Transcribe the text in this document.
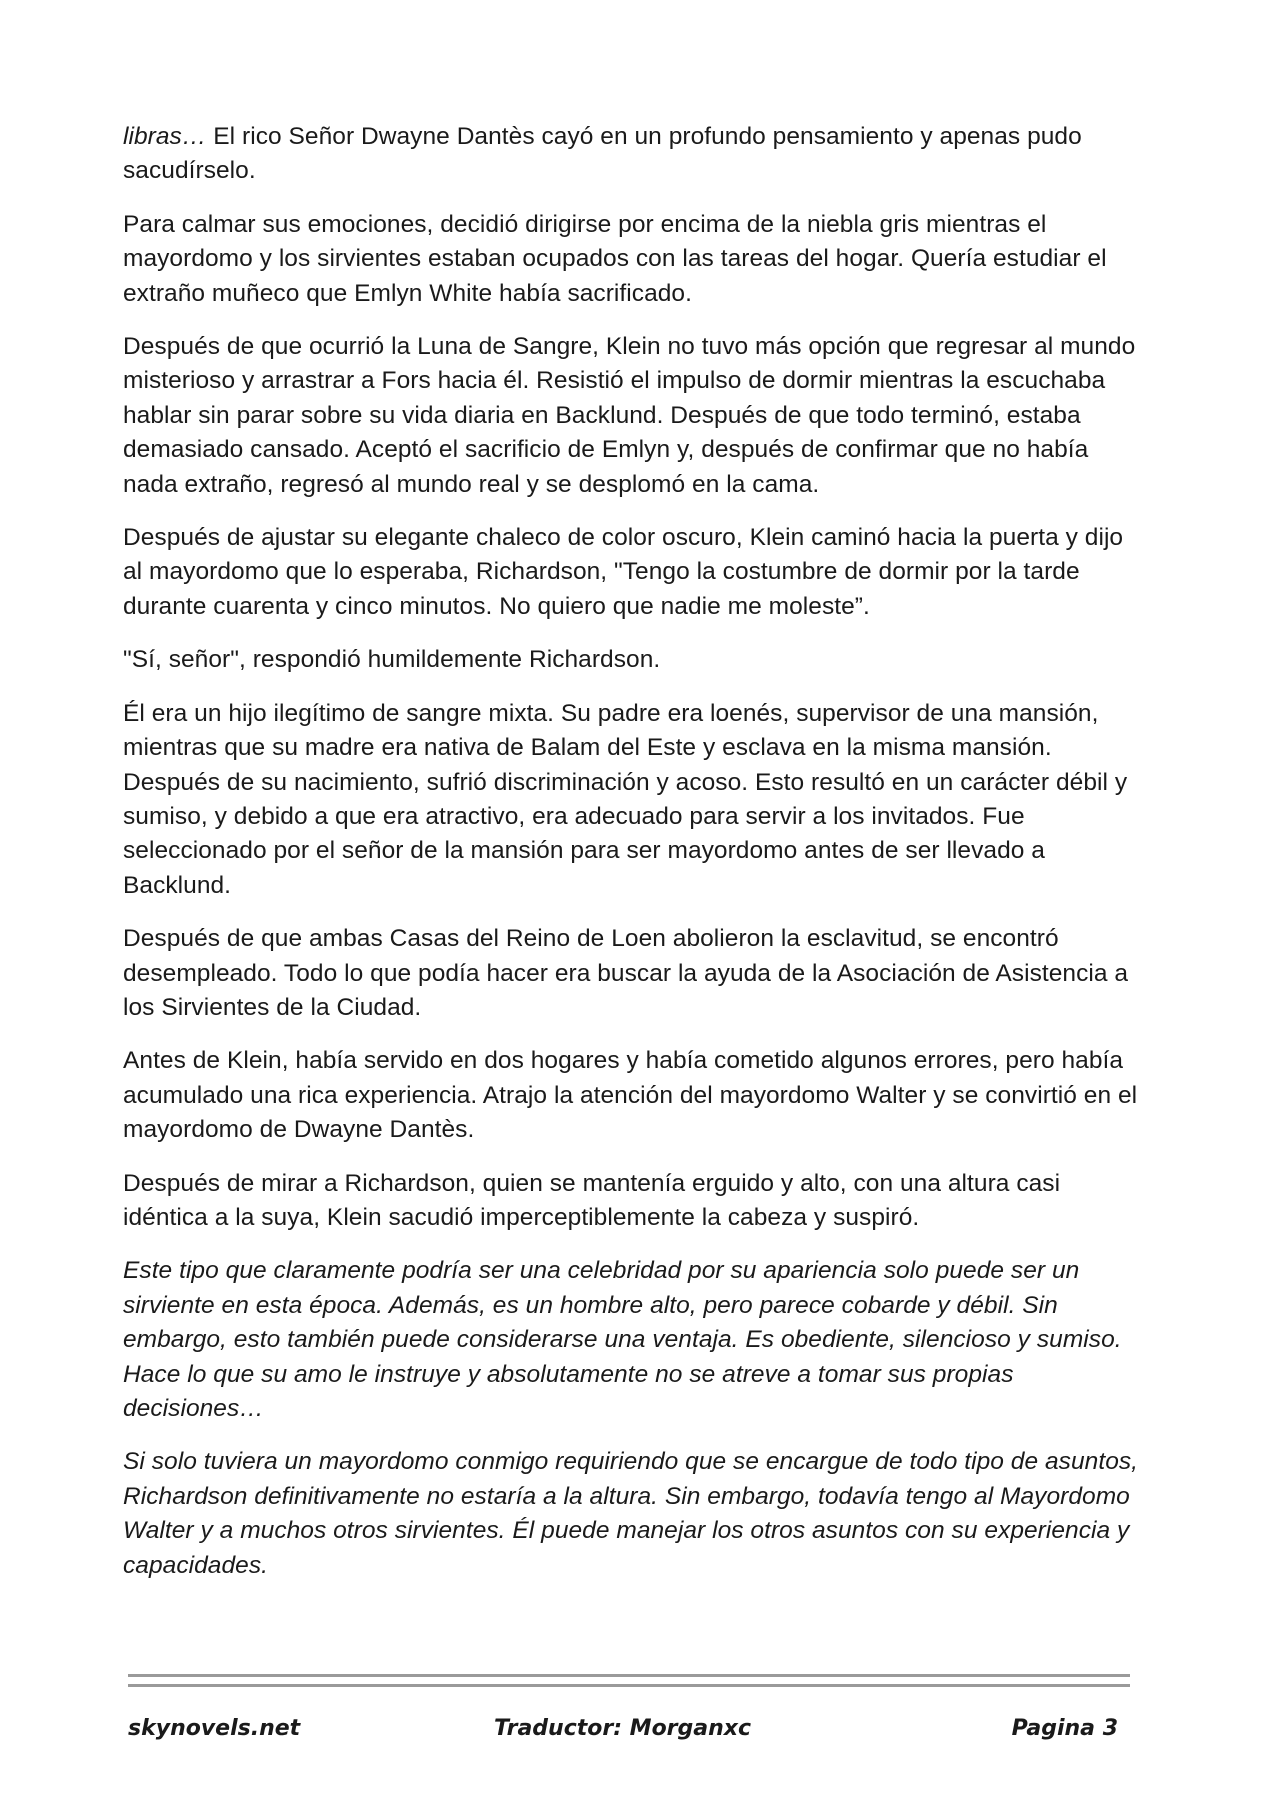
libras… El rico Señor Dwayne Dantès cayó en un profundo pensamiento y apenas pudo sacudírselo.

Para calmar sus emociones, decidió dirigirse por encima de la niebla gris mientras el mayordomo y los sirvientes estaban ocupados con las tareas del hogar. Quería estudiar el extraño muñeco que Emlyn White había sacrificado.

Después de que ocurrió la Luna de Sangre, Klein no tuvo más opción que regresar al mundo misterioso y arrastrar a Fors hacia él. Resistió el impulso de dormir mientras la escuchaba hablar sin parar sobre su vida diaria en Backlund. Después de que todo terminó, estaba demasiado cansado. Aceptó el sacrificio de Emlyn y, después de confirmar que no había nada extraño, regresó al mundo real y se desplomó en la cama.

Después de ajustar su elegante chaleco de color oscuro, Klein caminó hacia la puerta y dijo al mayordomo que lo esperaba, Richardson, "Tengo la costumbre de dormir por la tarde durante cuarenta y cinco minutos. No quiero que nadie me moleste”.

"Sí, señor", respondió humildemente Richardson.

Él era un hijo ilegítimo de sangre mixta. Su padre era loenés, supervisor de una mansión, mientras que su madre era nativa de Balam del Este y esclava en la misma mansión. Después de su nacimiento, sufrió discriminación y acoso. Esto resultó en un carácter débil y sumiso, y debido a que era atractivo, era adecuado para servir a los invitados. Fue seleccionado por el señor de la mansión para ser mayordomo antes de ser llevado a Backlund.

Después de que ambas Casas del Reino de Loen abolieron la esclavitud, se encontró desempleado. Todo lo que podía hacer era buscar la ayuda de la Asociación de Asistencia a los Sirvientes de la Ciudad.

Antes de Klein, había servido en dos hogares y había cometido algunos errores, pero había acumulado una rica experiencia. Atrajo la atención del mayordomo Walter y se convirtió en el mayordomo de Dwayne Dantès.

Después de mirar a Richardson, quien se mantenía erguido y alto, con una altura casi idéntica a la suya, Klein sacudió imperceptiblemente la cabeza y suspiró.

Este tipo que claramente podría ser una celebridad por su apariencia solo puede ser un sirviente en esta época. Además, es un hombre alto, pero parece cobarde y débil. Sin embargo, esto también puede considerarse una ventaja. Es obediente, silencioso y sumiso. Hace lo que su amo le instruye y absolutamente no se atreve a tomar sus propias decisiones…

Si solo tuviera un mayordomo conmigo requiriendo que se encargue de todo tipo de asuntos, Richardson definitivamente no estaría a la altura. Sin embargo, todavía tengo al Mayordomo Walter y a muchos otros sirvientes. Él puede manejar los otros asuntos con su experiencia y capacidades.

skynovels.net	Traductor: Morganxc	Pagina 3
